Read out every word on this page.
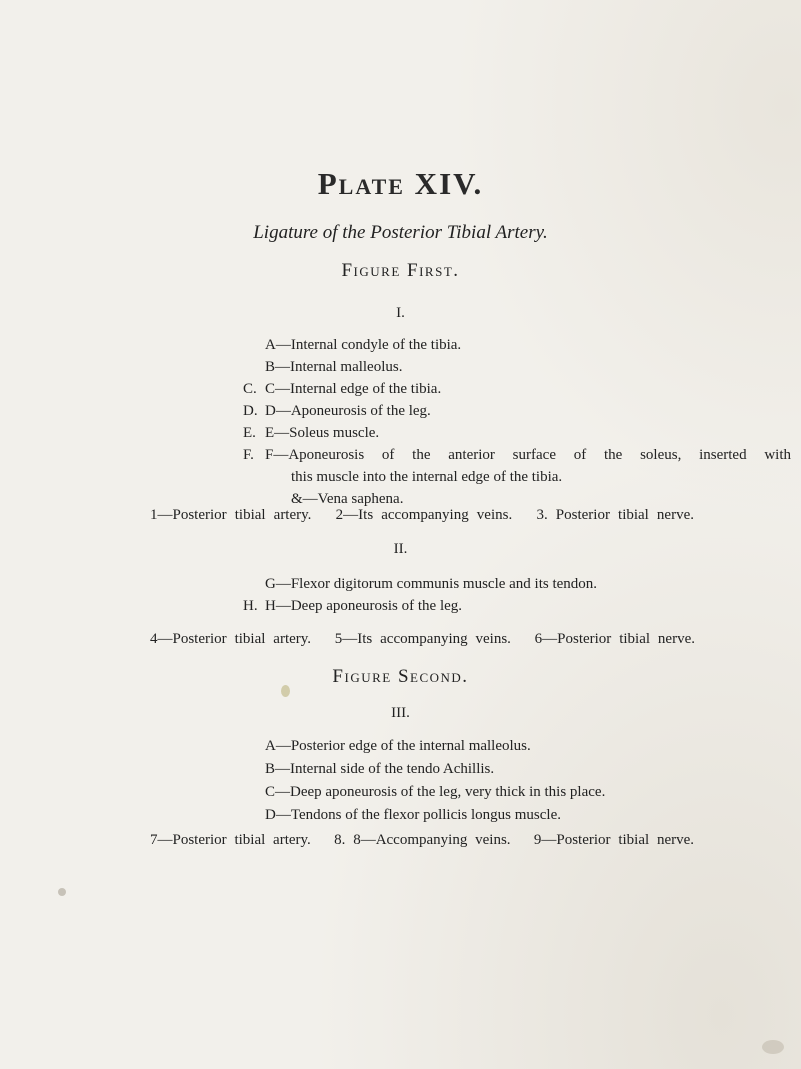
Plate XIV.
Ligature of the Posterior Tibial Artery.
Figure First.
I.
A—Internal condyle of the tibia.
B—Internal malleolus.
C. C—Internal edge of the tibia.
D. D—Aponeurosis of the leg.
E. E—Soleus muscle.
F. F—Aponeurosis of the anterior surface of the soleus, inserted with
this muscle into the internal edge of the tibia.
&—Vena saphena.
1—Posterior tibial artery.   2—Its accompanying veins.   3. Posterior tibial nerve.
II.
G—Flexor digitorum communis muscle and its tendon.
H. H—Deep aponeurosis of the leg.
4—Posterior tibial artery.   5—Its accompanying veins.   6—Posterior tibial nerve.
Figure Second.
III.
A—Posterior edge of the internal malleolus.
B—Internal side of the tendo Achillis.
C—Deep aponeurosis of the leg, very thick in this place.
D—Tendons of the flexor pollicis longus muscle.
7—Posterior tibial artery.   8. 8—Accompanying veins.   9—Posterior tibial nerve.
